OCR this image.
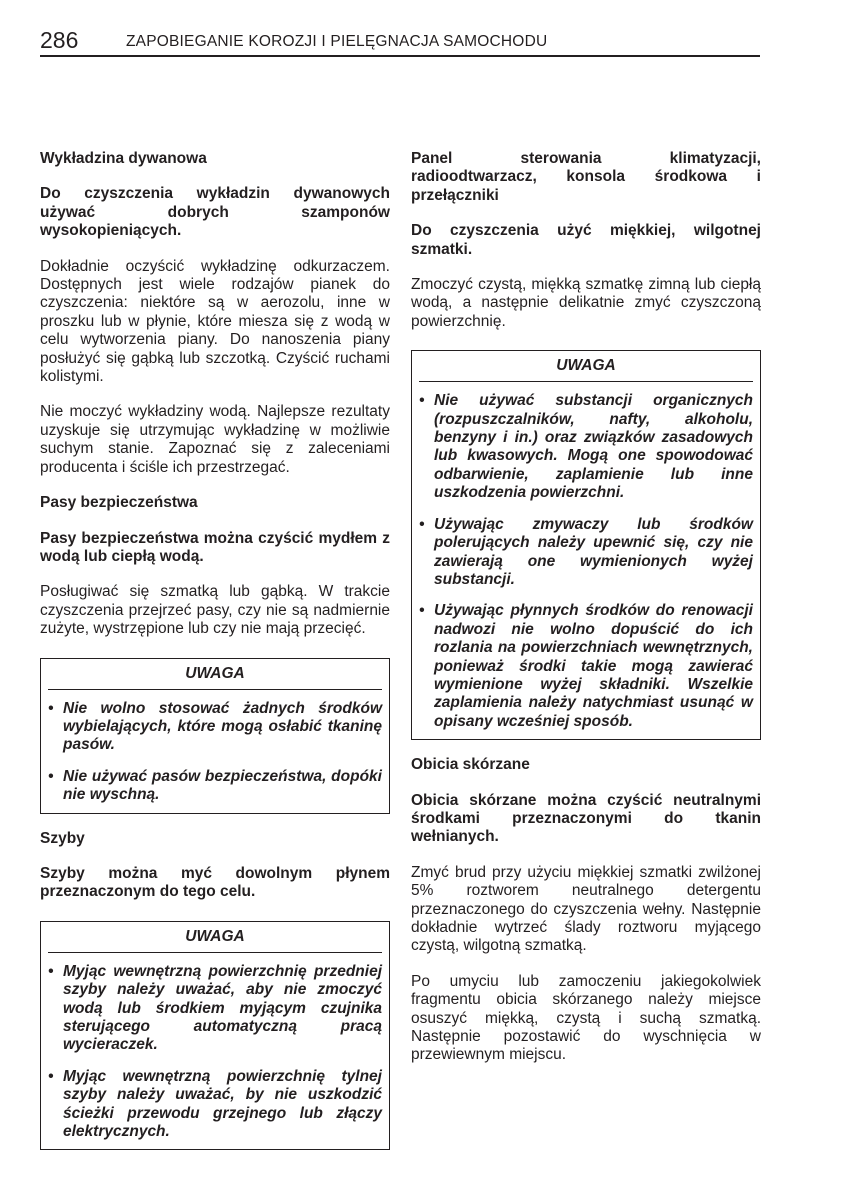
286	ZAPOBIEGANIE KOROZJI I PIELĘGNACJA SAMOCHODU

Wykładzina dywanowa

Do czyszczenia wykładzin dywanowych używać dobrych szamponów wysokopieniących.

Dokładnie oczyścić wykładzinę odkurzaczem. Dostępnych jest wiele rodzajów pianek do czyszczenia: niektóre są w aerozolu, inne w proszku lub w płynie, które miesza się z wodą w celu wytworzenia piany. Do nanoszenia piany posłużyć się gąbką lub szczotką. Czyścić ruchami kolistymi.

Nie moczyć wykładziny wodą. Najlepsze rezultaty uzyskuje się utrzymując wykładzinę w możliwie suchym stanie. Zapoznać się z zaleceniami producenta i ściśle ich przestrzegać.

Pasy bezpieczeństwa

Pasy bezpieczeństwa można czyścić mydłem z wodą lub ciepłą wodą.

Posługiwać się szmatką lub gąbką. W trakcie czyszczenia przejrzeć pasy, czy nie są nadmiernie zużyte, wystrzępione lub czy nie mają przecięć.

UWAGA
• Nie wolno stosować żadnych środków wybielających, które mogą osłabić tkaninę pasów.
• Nie używać pasów bezpieczeństwa, dopóki nie wyschną.

Szyby

Szyby można myć dowolnym płynem przeznaczonym do tego celu.

UWAGA
• Myjąc wewnętrzną powierzchnię przedniej szyby należy uważać, aby nie zmoczyć wodą lub środkiem myjącym czujnika sterującego automatyczną pracą wycieraczek.
• Myjąc wewnętrzną powierzchnię tylnej szyby należy uważać, by nie uszkodzić ścieżki przewodu grzejnego lub złączy elektrycznych.

Panel sterowania klimatyzacji, radioodtwarzacz, konsola środkowa i przełączniki

Do czyszczenia użyć miękkiej, wilgotnej szmatki.

Zmoczyć czystą, miękką szmatkę zimną lub ciepłą wodą, a następnie delikatnie zmyć czyszczoną powierzchnię.

UWAGA
• Nie używać substancji organicznych (rozpuszczalników, nafty, alkoholu, benzyny i in.) oraz związków zasadowych lub kwasowych. Mogą one spowodować odbarwienie, zaplamienie lub inne uszkodzenia powierzchni.
• Używając zmywaczy lub środków polerujących należy upewnić się, czy nie zawierają one wymienionych wyżej substancji.
• Używając płynnych środków do renowacji nadwozi nie wolno dopuścić do ich rozlania na powierzchniach wewnętrznych, ponieważ środki takie mogą zawierać wymienione wyżej składniki. Wszelkie zaplamienia należy natychmiast usunąć w opisany wcześniej sposób.

Obicia skórzane

Obicia skórzane można czyścić neutralnymi środkami przeznaczonymi do tkanin wełnianych.

Zmyć brud przy użyciu miękkiej szmatki zwilżonej 5% roztworem neutralnego detergentu przeznaczonego do czyszczenia wełny. Następnie dokładnie wytrzeć ślady roztworu myjącego czystą, wilgotną szmatką.

Po umyciu lub zamoczeniu jakiegokolwiek fragmentu obicia skórzanego należy miejsce osuszyć miękką, czystą i suchą szmatką. Następnie pozostawić do wyschnięcia w przewiewnym miejscu.
